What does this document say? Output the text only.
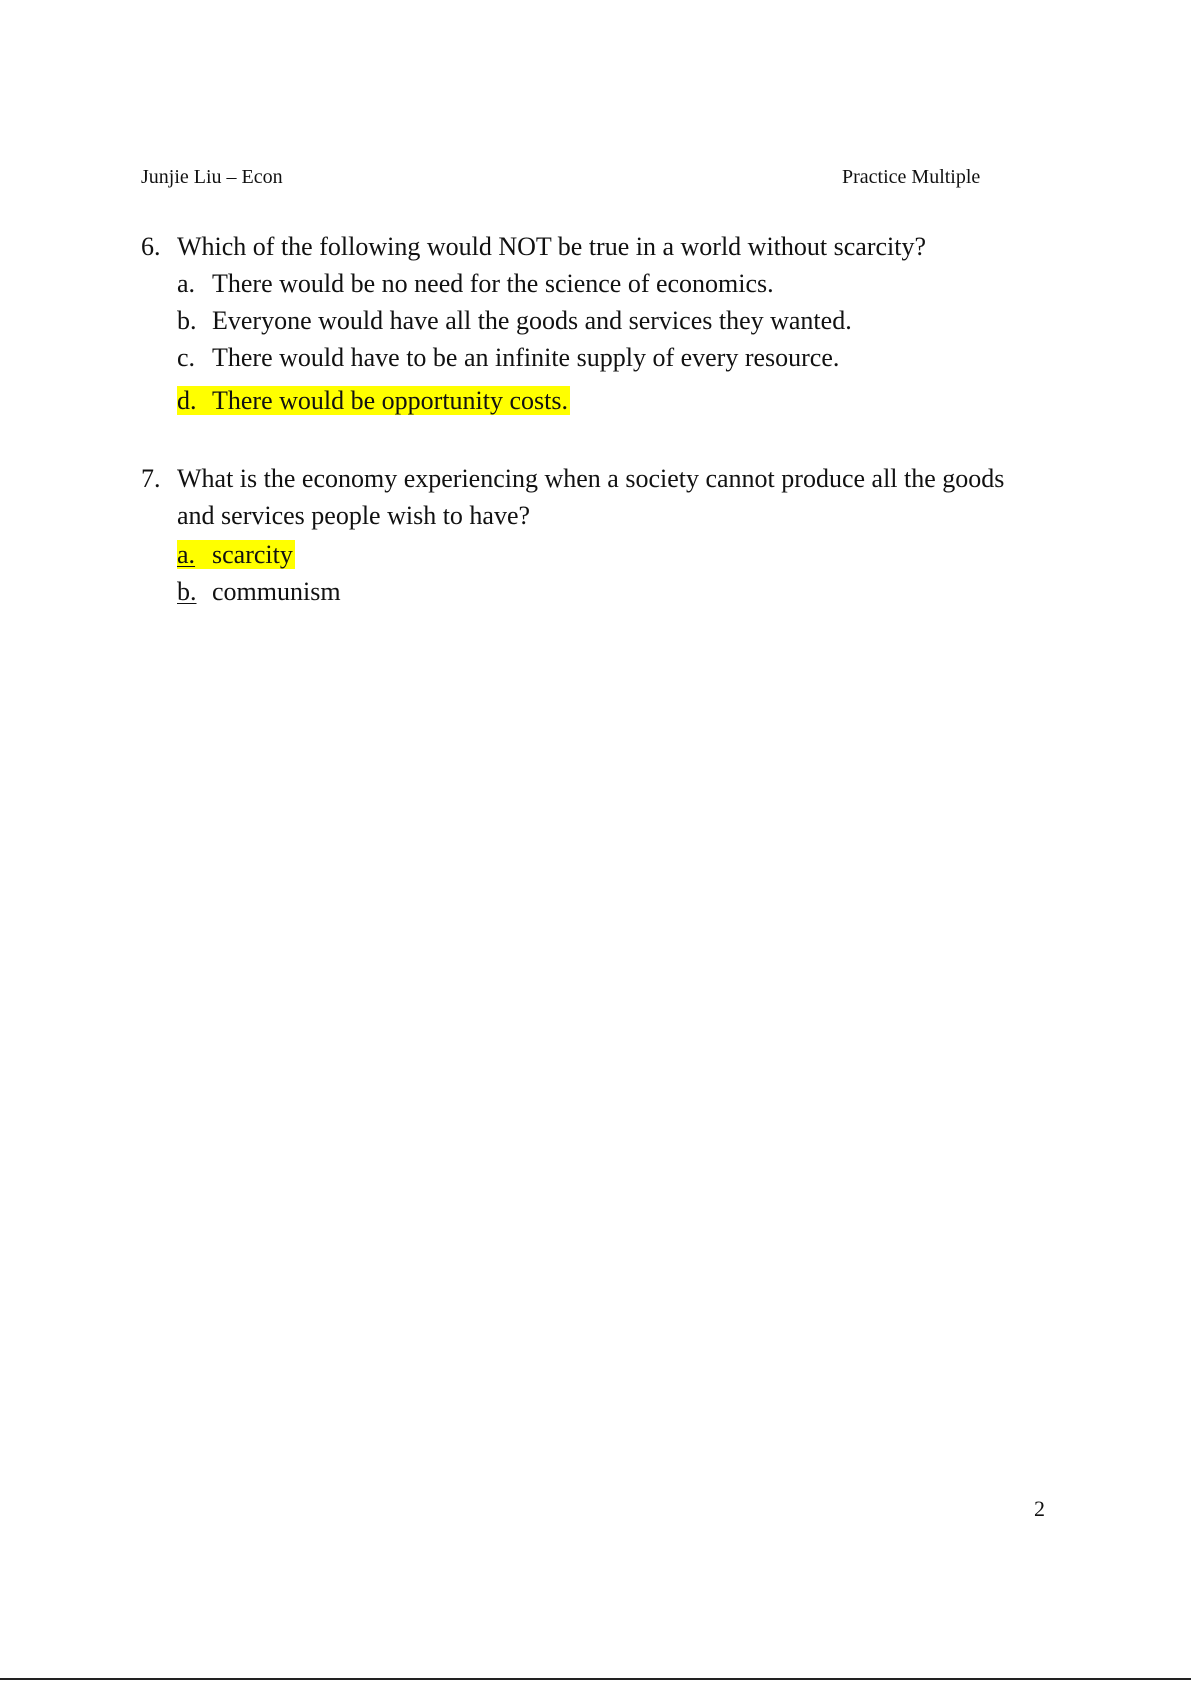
Junjie Liu – Econ	Practice Multiple
6. Which of the following would NOT be true in a world without scarcity?
a. There would be no need for the science of economics.
b. Everyone would have all the goods and services they wanted.
c. There would have to be an infinite supply of every resource.
d. There would be opportunity costs.
7. What is the economy experiencing when a society cannot produce all the goods and services people wish to have?
a. scarcity
b. communism
2
